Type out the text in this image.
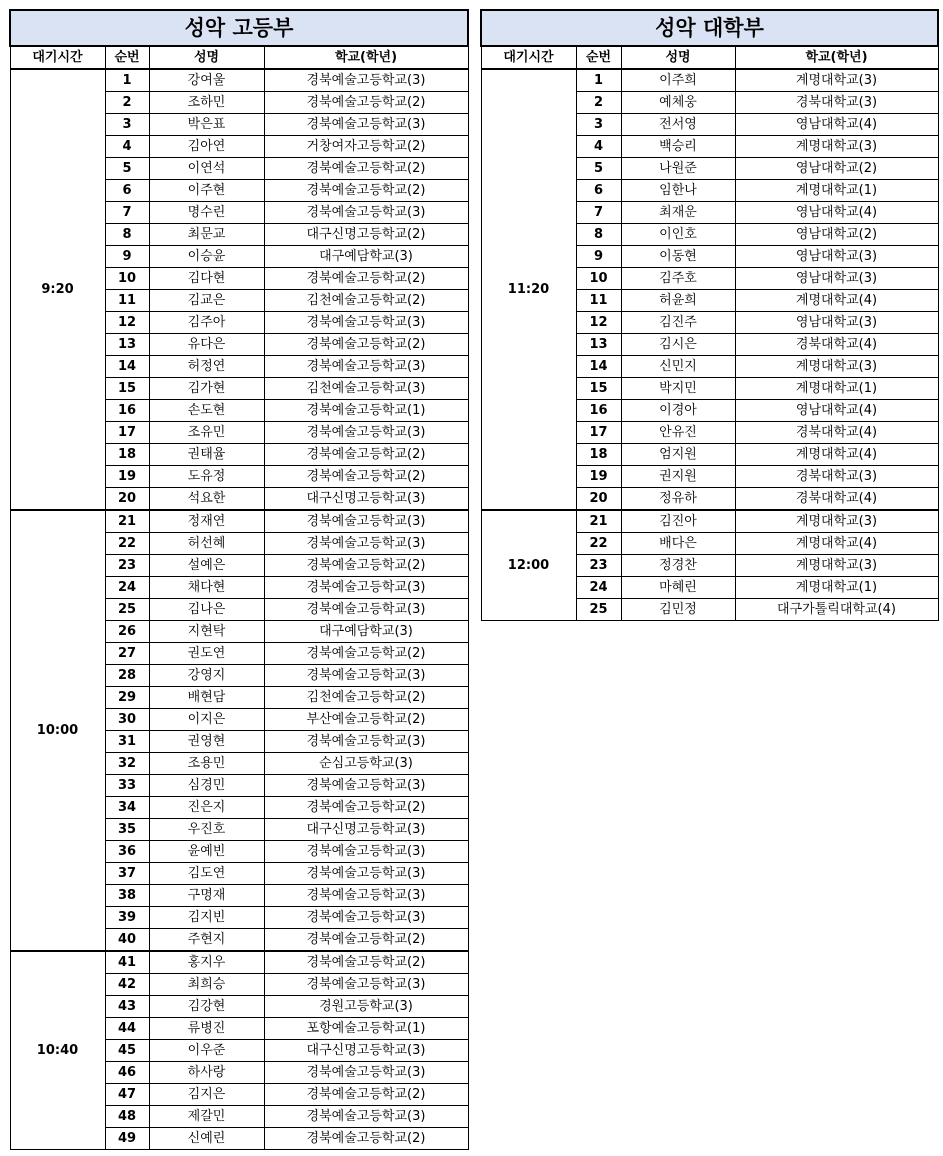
성악 고등부			
대기시간	순번	성명	학교(학년)
9:20	1	강여울	경북예술고등학교(3)
	2	조하민	경북예술고등학교(2)
	3	박은표	경북예술고등학교(3)
	4	김아연	거창여자고등학교(2)
	5	이연석	경북예술고등학교(2)
	6	이주현	경북예술고등학교(2)
	7	명수린	경북예술고등학교(3)
	8	최문교	대구신명고등학교(2)
	9	이승윤	대구예담학교(3)
	10	김다현	경북예술고등학교(2)
	11	김교은	김천예술고등학교(2)
	12	김주아	경북예술고등학교(3)
	13	유다은	경북예술고등학교(2)
	14	허정연	경북예술고등학교(3)
	15	김가현	김천예술고등학교(3)
	16	손도현	경북예술고등학교(1)
	17	조유민	경북예술고등학교(3)
	18	권태율	경북예술고등학교(2)
	19	도유정	경북예술고등학교(2)
	20	석요한	대구신명고등학교(3)
10:00	21	정재연	경북예술고등학교(3)
	22	허선혜	경북예술고등학교(3)
	23	설예은	경북예술고등학교(2)
	24	채다현	경북예술고등학교(3)
	25	김나은	경북예술고등학교(3)
	26	지현탁	대구예담학교(3)
	27	권도연	경북예술고등학교(2)
	28	강영지	경북예술고등학교(3)
	29	배현담	김천예술고등학교(2)
	30	이지은	부산예술고등학교(2)
	31	권영현	경북예술고등학교(3)
	32	조용민	순심고등학교(3)
	33	심경민	경북예술고등학교(3)
	34	진은지	경북예술고등학교(2)
	35	우진호	대구신명고등학교(3)
	36	윤예빈	경북예술고등학교(3)
	37	김도연	경북예술고등학교(3)
	38	구명재	경북예술고등학교(3)
	39	김지빈	경북예술고등학교(3)
	40	주현지	경북예술고등학교(2)
10:40	41	홍지우	경북예술고등학교(2)
	42	최희승	경북예술고등학교(3)
	43	김강현	경원고등학교(3)
	44	류병진	포항예술고등학교(1)
	45	이우준	대구신명고등학교(3)
	46	하사랑	경북예술고등학교(3)
	47	김지은	경북예술고등학교(2)
	48	제갈민	경북예술고등학교(3)
	49	신예린	경북예술고등학교(2)
성악 대학부			
대기시간	순번	성명	학교(학년)
11:20	1	이주희	계명대학교(3)
	2	예체웅	경북대학교(3)
	3	전서영	영남대학교(4)
	4	백승리	계명대학교(3)
	5	나원준	영남대학교(2)
	6	임한나	계명대학교(1)
	7	최재운	영남대학교(4)
	8	이인호	영남대학교(2)
	9	이동현	영남대학교(3)
	10	김주호	영남대학교(3)
	11	허윤희	계명대학교(4)
	12	김진주	영남대학교(3)
	13	김시은	경북대학교(4)
	14	신민지	계명대학교(3)
	15	박지민	계명대학교(1)
	16	이경아	영남대학교(4)
	17	안유진	경북대학교(4)
	18	엄지원	계명대학교(4)
	19	권지원	경북대학교(3)
	20	정유하	경북대학교(4)
12:00	21	김진아	계명대학교(3)
	22	배다은	계명대학교(4)
	23	정경찬	계명대학교(3)
	24	마혜린	계명대학교(1)
	25	김민정	대구가톨릭대학교(4)
